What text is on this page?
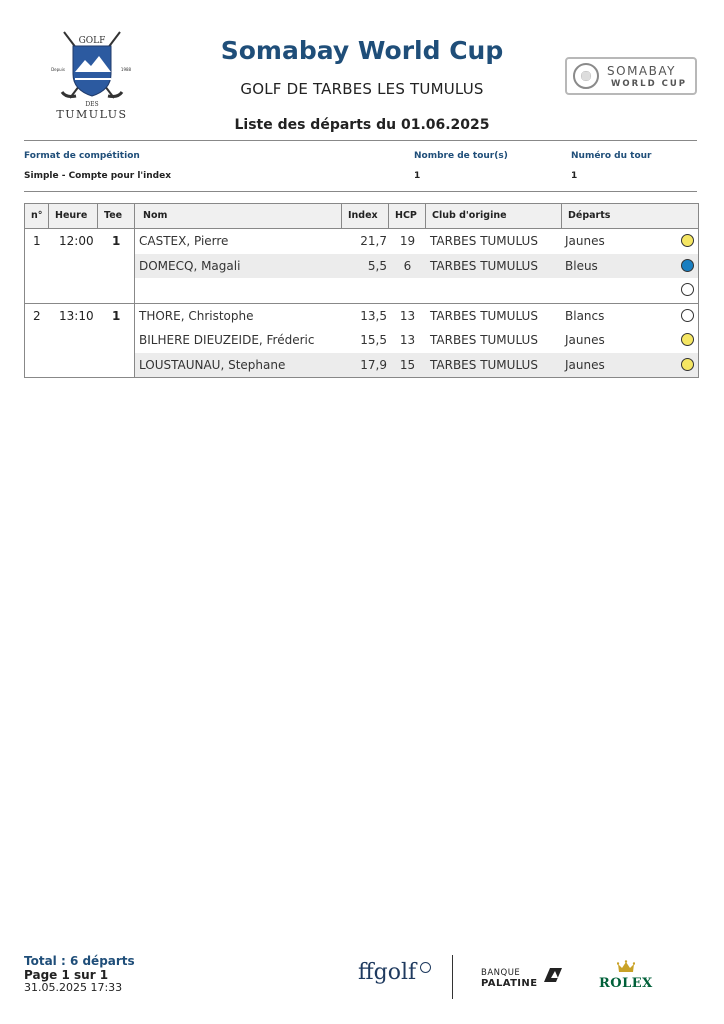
GOLF
Depuis	1988
DES
TUMULUS
Somabay World Cup
GOLF DE TARBES LES TUMULUS
Liste des départs du 01.06.2025
SOMABAY
WORLD CUP
Format de compétition	Nombre de tour(s)	Numéro du tour
Simple - Compte pour l'index	1	1
n°	Heure	Tee	Nom	Index	HCP	Club d'origine	Départs
1 12:00 1 CASTEX, Pierre	21,7	19	TARBES TUMULUS Jaunes
DOMECQ, Magali	5,5	6	TARBES TUMULUS Bleus
2 13:10 1 THORE, Christophe	13,5	13	TARBES TUMULUS Blancs
BILHERE DIEUZEIDE, Fréderic	15,5	13	TARBES TUMULUS Jaunes
LOUSTAUNAU, Stephane	17,9	15	TARBES TUMULUS Jaunes
Total : 6 départs
Page 1 sur 1
31.05.2025 17:33
ffgolf	BANQUE
PALATINE	ROLEX
